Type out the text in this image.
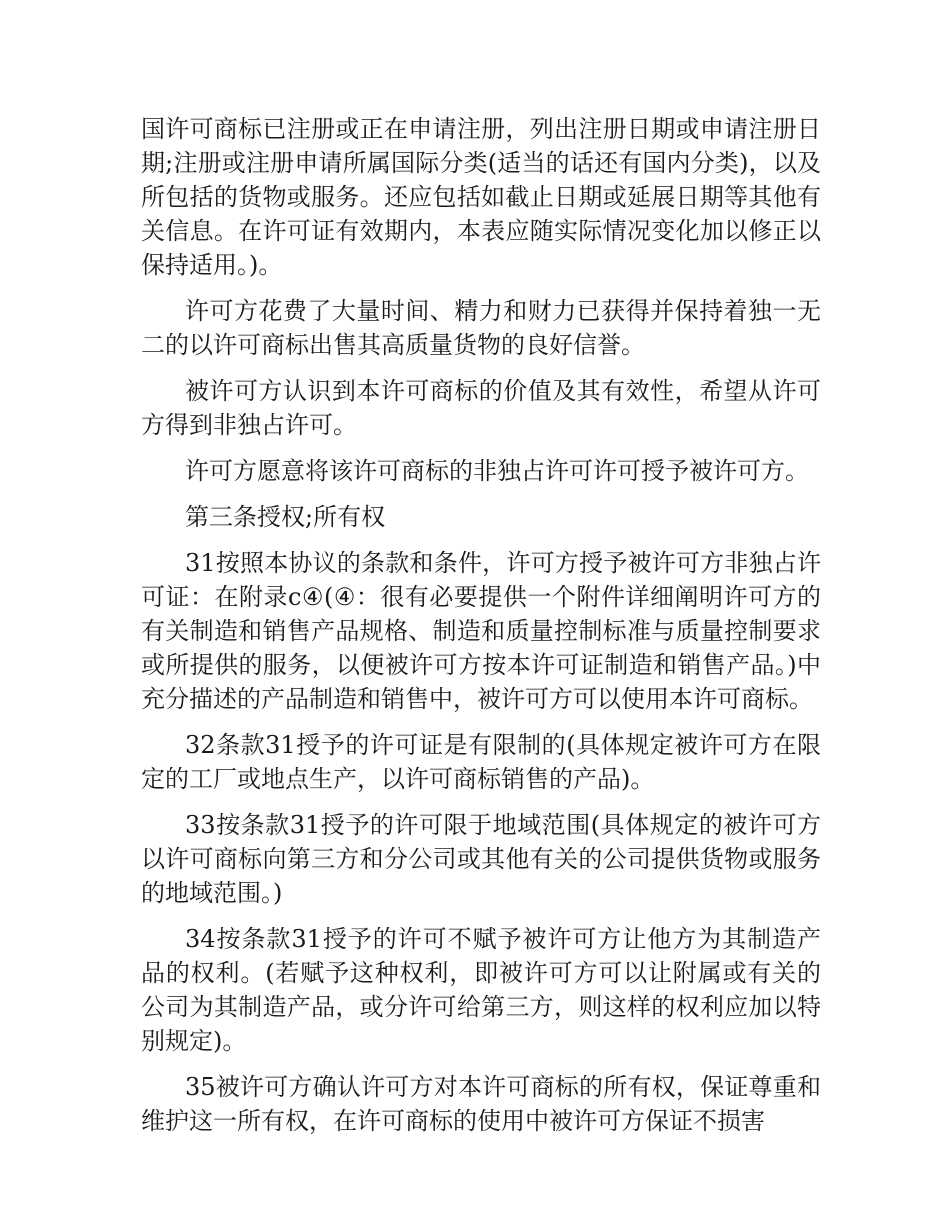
国许可商标已注册或正在申请注册，列出注册日期或申请注册日期;注册或注册申请所属国际分类(适当的话还有国内分类)，以及所包括的货物或服务。还应包括如截止日期或延展日期等其他有关信息。在许可证有效期内，本表应随实际情况变化加以修正以保持适用。)。

许可方花费了大量时间、精力和财力已获得并保持着独一无二的以许可商标出售其高质量货物的良好信誉。

被许可方认识到本许可商标的价值及其有效性，希望从许可方得到非独占许可。

许可方愿意将该许可商标的非独占许可许可授予被许可方。

第三条授权;所有权

31按照本协议的条款和条件，许可方授予被许可方非独占许可证：在附录c④(④：很有必要提供一个附件详细阐明许可方的有关制造和销售产品规格、制造和质量控制标准与质量控制要求或所提供的服务，以便被许可方按本许可证制造和销售产品。)中充分描述的产品制造和销售中，被许可方可以使用本许可商标。

32条款31授予的许可证是有限制的(具体规定被许可方在限定的工厂或地点生产，以许可商标销售的产品)。

33按条款31授予的许可限于地域范围(具体规定的被许可方以许可商标向第三方和分公司或其他有关的公司提供货物或服务的地域范围。)

34按条款31授予的许可不赋予被许可方让他方为其制造产品的权利。(若赋予这种权利，即被许可方可以让附属或有关的公司为其制造产品，或分许可给第三方，则这样的权利应加以特别规定)。

35被许可方确认许可方对本许可商标的所有权，保证尊重和维护这一所有权，在许可商标的使用中被许可方保证不损害
